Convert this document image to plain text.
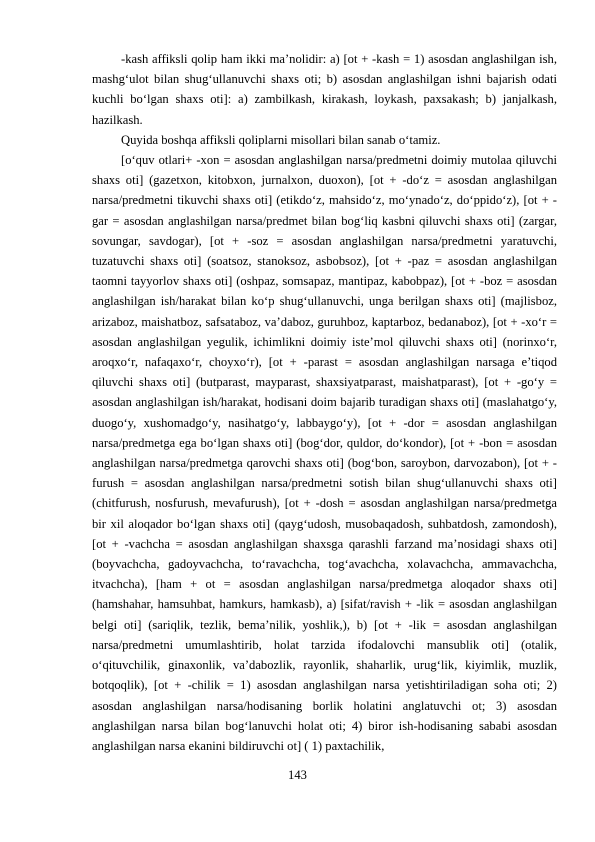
-kash affiksli qolip ham ikki ma’nolidir: a) [ot + -kash = 1) asosdan anglashilgan ish, mashg‘ulot bilan shug‘ullanuvchi shaxs oti; b) asosdan anglashilgan ishni bajarish odati kuchli bo‘lgan shaxs oti]: a) zambilkash, kirakash, loykash, paxsakash; b) janjalkash, hazilkash.

Quyida boshqa affiksli qoliplarni misollari bilan sanab o‘tamiz.

[o‘quv otlari+ -xon = asosdan anglashilgan narsa/predmetni doimiy mutolaa qiluvchi shaxs oti] (gazetxon, kitobxon, jurnalxon, duoxon), [ot + -do‘z = asosdan anglashilgan narsa/predmetni tikuvchi shaxs oti] (etikdo‘z, mahsido‘z, mo‘ynado‘z, do‘ppido‘z), [ot + -gar = asosdan anglashilgan narsa/predmet bilan bog‘liq kasbni qiluvchi shaxs oti] (zargar, sovungar, savdogar), [ot + -soz = asosdan anglashilgan narsa/predmetni yaratuvchi, tuzatuvchi shaxs oti] (soatsoz, stanoksoz, asbobsoz), [ot + -paz = asosdan anglashilgan taomni tayyorlov shaxs oti] (oshpaz, somsapaz, mantipaz, kabobpaz), [ot + -boz = asosdan anglashilgan ish/harakat bilan ko‘p shug‘ullanuvchi, unga berilgan shaxs oti] (majlisboz, arizaboz, maishatboz, safsataboz, va’daboz, guruhboz, kaptarboz, bedanaboz), [ot + -xo‘r = asosdan anglashilgan yegulik, ichimlikni doimiy iste’mol qiluvchi shaxs oti] (norinxo‘r, aroqxo‘r, nafaqaxo‘r, choyxo‘r), [ot + -parast = asosdan anglashilgan narsaga e’tiqod qiluvchi shaxs oti] (butparast, mayparast, shaxsiyatparast, maishatparast), [ot + -go‘y = asosdan anglashilgan ish/harakat, hodisani doim bajarib turadigan shaxs oti] (maslahatgo‘y, duogo‘y, xushomadgo‘y, nasihatgo‘y, labbaygo‘y), [ot + -dor = asosdan anglashilgan narsa/predmetga ega bo‘lgan shaxs oti] (bog‘dor, quldor, do‘kondor), [ot + -bon = asosdan anglashilgan narsa/predmetga qarovchi shaxs oti] (bog‘bon, saroybon, darvozabon), [ot + -furush = asosdan anglashilgan narsa/predmetni sotish bilan shug‘ullanuvchi shaxs oti] (chitfurush, nosfurush, mevafurush), [ot + -dosh = asosdan anglashilgan narsa/predmetga bir xil aloqador bo‘lgan shaxs oti] (qayg‘udosh, musobaqadosh, suhbatdosh, zamondosh), [ot + -vachcha = asosdan anglashilgan shaxsga qarashli farzand ma’nosidagi shaxs oti] (boyvachcha, gadoyvachcha, to‘ravachcha, tog‘avachcha, xolavachcha, ammavachcha, itvachcha), [ham + ot = asosdan anglashilgan narsa/predmetga aloqador shaxs oti] (hamshahar, hamsuhbat, hamkurs, hamkasb), a) [sifat/ravish + -lik = asosdan anglashilgan belgi oti] (sariqlik, tezlik, bema’nilik, yoshlik,), b) [ot + -lik = asosdan anglashilgan narsa/predmetni umumlashtirib, holat tarzida ifodalovchi mansublik oti] (otalik, o‘qituvchilik, ginaxonlik, va’dabozlik, rayonlik, shaharlik, urug‘lik, kiyimlik, muzlik, botqoqlik), [ot + -chilik = 1) asosdan anglashilgan narsa yetishtiriladigan soha oti; 2) asosdan anglashilgan narsa/hodisaning borlik holatini anglatuvchi ot; 3) asosdan anglashilgan narsa bilan bog‘lanuvchi holat oti; 4) biror ish-hodisaning sababi asosdan anglashilgan narsa ekanini bildiruvchi ot] ( 1) paxtachilik,

143
